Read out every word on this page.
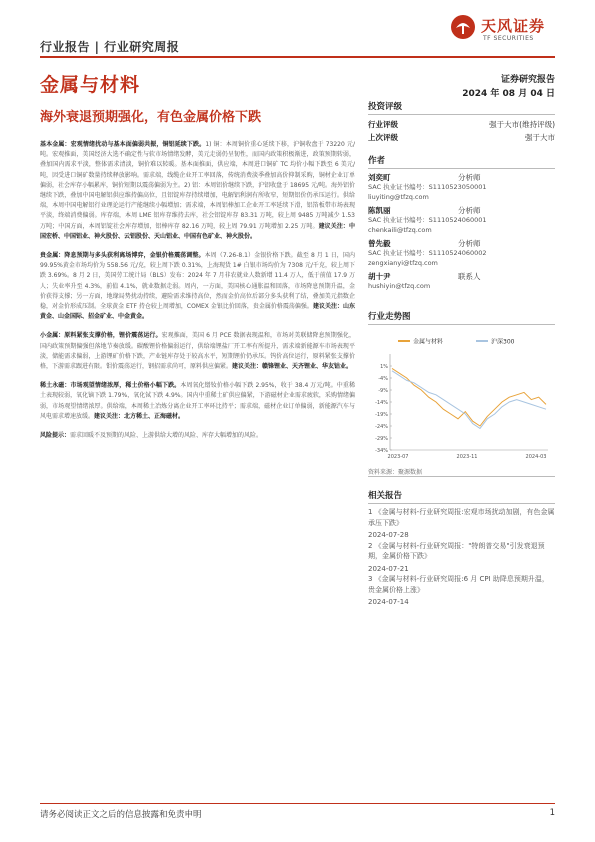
行业报告 | 行业研究周报
天风证券
TF SECURITIES
金属与材料	证券研究报告
2024 年 08 月 04 日
海外衰退预期强化，有色金属价格下跌

基本金属：宏观情绪扰动与基本面偏弱共振，铜铝延续下跌。1) 铜：本周铜价重心延续下移，沪铜收盘于 73220 元/吨。宏观推面，美国经济大选不确定性与软市场情绪发酵，美元走弱仍呈韧性，而国内政策积极渐进，政策预期转弱，叠加国内需求平淡，整体需求清淡，铜价难以转暖。基本面推面，供应端，本周进口铜矿 TC 均价小幅下跌至 6 美元/吨，因受进口铜矿数量持续释放影响。需求端，线缆企业开工率回落，传统消费淡季叠加高价抑制采购，铜材企业订单偏弱，社会库存小幅累库，铜价短期以震荡偏弱为主。2) 铝：本周铝价继续下跌，沪铝收盘于 18695 元/吨。海外铝价继续下跌，叠加中国电解铝供应维持偏高位，且铝锭库存持续增加，电解铝利润有所收窄，短期铝价仍承压运行。供给端，本周中国电解铝行业理论运行产能继续小幅增加；需求端，本周铝棒加工企业开工率延续下滑，铝箔板带市场表现平淡，终端消费偏弱。库存端，本周 LME 铝库存维持去库，社会铝锭库存 83.31 万吨，较上周 9485 万吨减少 1.53 万吨；中国方面，本周铝锭社会库存增加，铝棒库存 82.16 万吨，较上周 79.91 万吨增加 2.25 万吨。建议关注：中国宏桥、中国铝业、神火股份、云铝股份、天山铝业、中国有色矿业、神火股份。

贵金属：降息预期与多头获利离场博弈，金银价格震荡调整。本周（7.26-8.1）金银价格下跌。截至 8 月 1 日，国内 99.95%黄金市场均价为 558.56 元/克，较上周下跌 0.31%，上海现货 1# 白银市场均价为 7308 元/千克，较上周下跌 3.69%。8 月 2 日，美国劳工统计局（BLS）发布：2024 年 7 月非农就业人数新增 11.4 万人，低于前值 17.9 万人；失业率升至 4.3%，前值 4.1%，就业数据走弱。周内，一方面，美国核心通胀温和回落，市场降息预期升温，金价获得支撑；另一方面，地缘局势扰动持续，避险需求维持高位，然而金价高位后部分多头获利了结，叠加美元指数企稳，对金价形成压制。全球黄金 ETF 持仓较上周增加，COMEX 金银比价回落，贵金属价格震荡偏强。建议关注：山东黄金、山金国际、招金矿业、中金黄金。

小金属：原料紧张支撑价格，锂价震荡运行。宏观推面，美国 6 月 PCE 数据表现温和，市场对美联储降息预期强化，国内政策预期偏强但落地节奏放缓。碳酸锂价格偏弱运行，供给端锂盐厂开工率有所提升，需求端新能源车市场表现平淡，储能需求偏弱，上游锂矿价格下跌，产业链库存处于较高水平，短期锂价仍承压。钨价高位运行，原料紧张支撑价格，下游需求跟进有限。钼价震荡运行，钢招需求尚可，原料供应偏紧。建议关注：赣锋锂业、天齐锂业、华友钴业。

稀土永磁：市场观望情绪浓厚，稀土价格小幅下跌。本周氧化镨钕价格小幅下跌 2.95%，收于 38.4 万元/吨。中重稀土表现较弱，氧化镝下跌 1.79%，氧化铽下跌 4.9%。国内中重稀土矿供应偏紧，下游磁材企业需求疲软，采购情绪偏弱，市场观望情绪浓厚。供给端，本周稀土冶炼分离企业开工率环比持平；需求端，磁材企业订单偏弱，新能源汽车与风电需求增速放缓。建议关注：北方稀土、正海磁材。

风险提示：需求回暖不及预期的风险、上游供给大增的风险、库存大幅增加的风险。

投资评级
行业评级	强于大市(维持评级)
上次评级	强于大市
作者
刘奕町	分析师
SAC 执业证书编号：S1110523050001
liuyiting@tfzq.com
陈凯丽	分析师
SAC 执业证书编号：S1110524060001
chenkaili@tfzq.com
曾先毅	分析师
SAC 执业证书编号：S1110524060002
zengxianyi@tfzq.com
胡十尹	联系人
hushiyin@tfzq.com
行业走势图
金属与材料	沪深300
1%
-4%
-9%
-14%
-19%
-24%
-29%
-34%
2023-07	2023-11	2024-03
资料来源：聚源数据
相关报告
1 《金属与材料-行业研究周报:宏观市场扰动加剧，有色金属承压下跌》
2024-07-28
2 《金属与材料-行业研究周报："特朗普交易"引发衰退预期，金属价格下跌》
2024-07-21
3 《金属与材料-行业研究周报:6 月 CPI 助降息预期升温，贵金属价格上涨》
2024-07-14
请务必阅读正文之后的信息披露和免责申明	1
